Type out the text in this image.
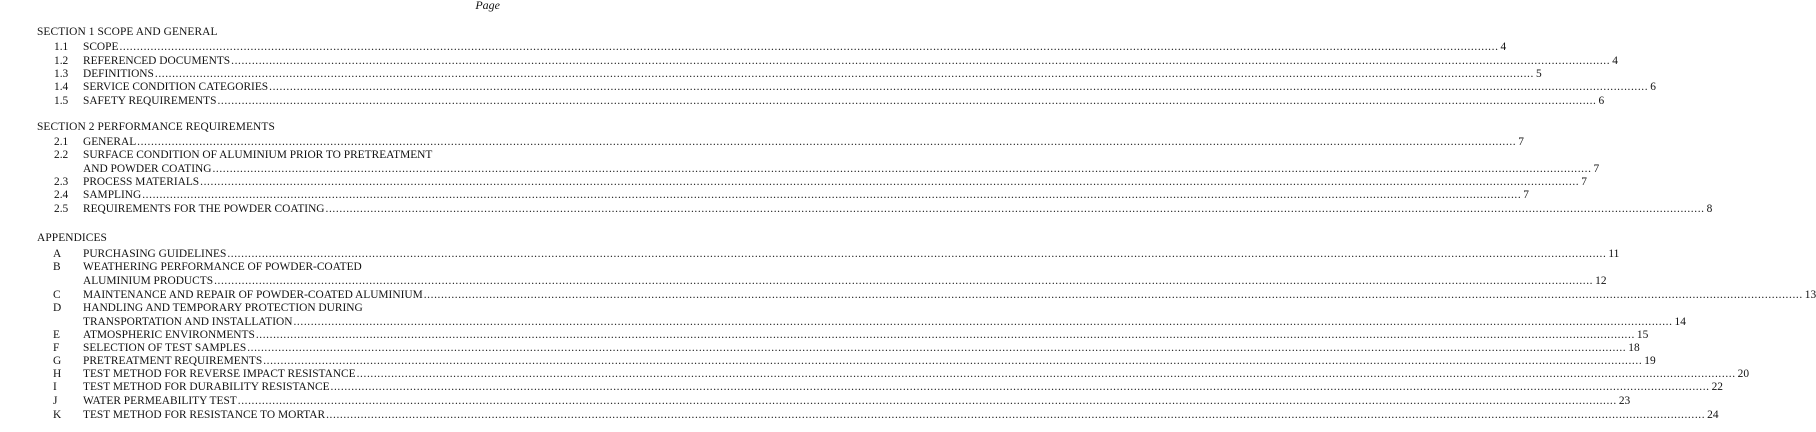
Page
SECTION 1 SCOPE AND GENERAL
1.1 SCOPE ................................................................................................................................................................................................................................................................................................................................................................................................................ 4
1.2 REFERENCED DOCUMENTS ................................................................................................................................................................................................................................................................................................................................................................................................................ 4
1.3 DEFINITIONS ................................................................................................................................................................................................................................................................................................................................................................................................................ 5
1.4 SERVICE CONDITION CATEGORIES ................................................................................................................................................................................................................................................................................................................................................................................................................ 6
1.5 SAFETY REQUIREMENTS ................................................................................................................................................................................................................................................................................................................................................................................................................ 6
SECTION 2 PERFORMANCE REQUIREMENTS
2.1 GENERAL ................................................................................................................................................................................................................................................................................................................................................................................................................ 7
2.2 SURFACE CONDITION OF ALUMINIUM PRIOR TO PRETREATMENT
AND POWDER COATING ................................................................................................................................................................................................................................................................................................................................................................................................................ 7
2.3 PROCESS MATERIALS ................................................................................................................................................................................................................................................................................................................................................................................................................ 7
2.4 SAMPLING ................................................................................................................................................................................................................................................................................................................................................................................................................ 7
2.5 REQUIREMENTS FOR THE POWDER COATING ................................................................................................................................................................................................................................................................................................................................................................................................................ 8
APPENDICES
A PURCHASING GUIDELINES ................................................................................................................................................................................................................................................................................................................................................................................................................ 11
B WEATHERING PERFORMANCE OF POWDER-COATED
ALUMINIUM PRODUCTS ................................................................................................................................................................................................................................................................................................................................................................................................................ 12
C MAINTENANCE AND REPAIR OF POWDER-COATED ALUMINIUM ................................................................................................................................................................................................................................................................................................................................................................................................................ 13
D HANDLING AND TEMPORARY PROTECTION DURING
TRANSPORTATION AND INSTALLATION ................................................................................................................................................................................................................................................................................................................................................................................................................ 14
E ATMOSPHERIC ENVIRONMENTS ................................................................................................................................................................................................................................................................................................................................................................................................................ 15
F SELECTION OF TEST SAMPLES ................................................................................................................................................................................................................................................................................................................................................................................................................ 18
G PRETREATMENT REQUIREMENTS ................................................................................................................................................................................................................................................................................................................................................................................................................ 19
H TEST METHOD FOR REVERSE IMPACT RESISTANCE ................................................................................................................................................................................................................................................................................................................................................................................................................ 20
I TEST METHOD FOR DURABILITY RESISTANCE ................................................................................................................................................................................................................................................................................................................................................................................................................ 22
J WATER PERMEABILITY TEST ................................................................................................................................................................................................................................................................................................................................................................................................................ 23
K TEST METHOD FOR RESISTANCE TO MORTAR ................................................................................................................................................................................................................................................................................................................................................................................................................ 24
